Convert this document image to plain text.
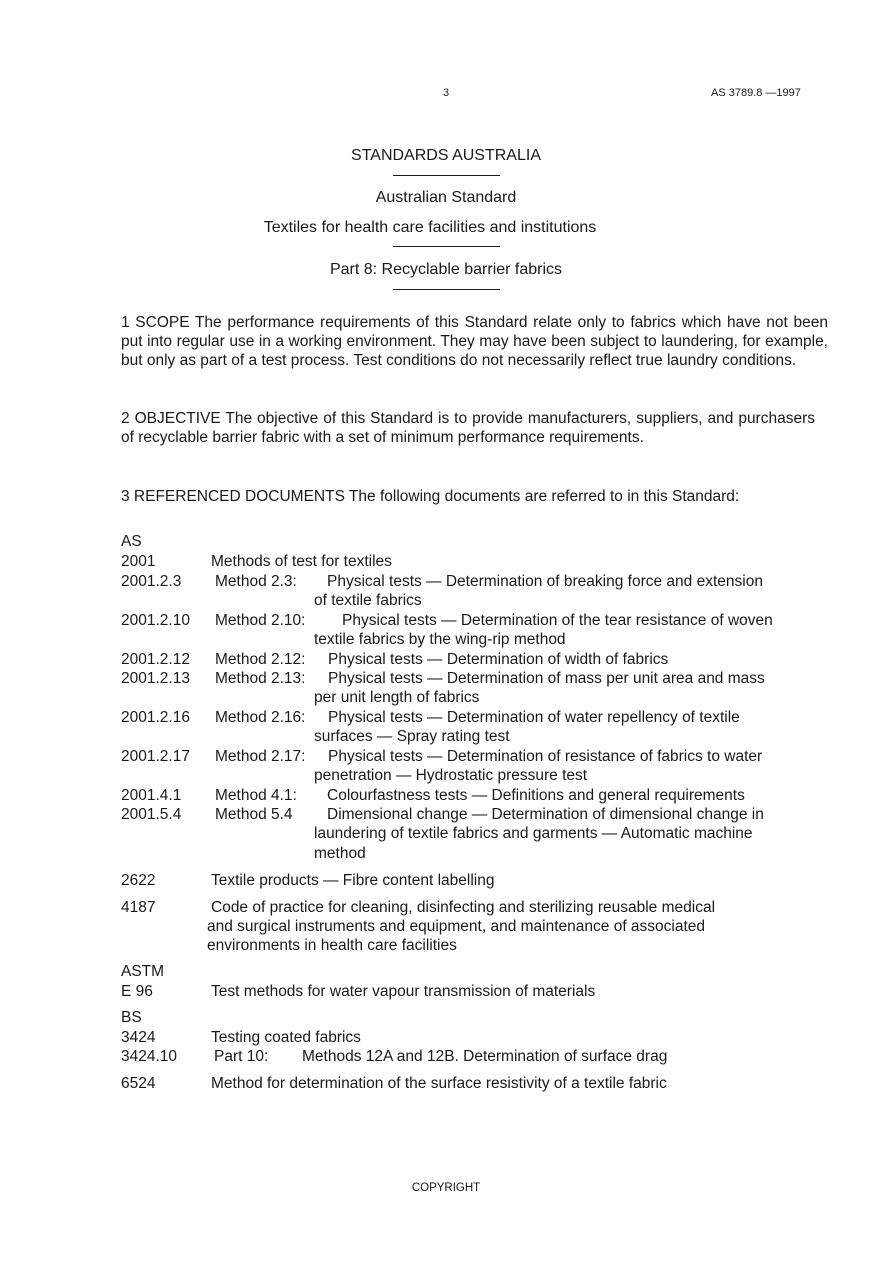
3	AS 3789.8 —1997
STANDARDS AUSTRALIA
Australian Standard
Textiles for health care facilities and institutions
Part 8: Recyclable barrier fabrics
1 SCOPE The performance requirements of this Standard relate only to fabrics which have not been put into regular use in a working environment. They may have been subject to laundering, for example, but only as part of a test process. Test conditions do not necessarily reflect true laundry conditions.
2 OBJECTIVE The objective of this Standard is to provide manufacturers, suppliers, and purchasers of recyclable barrier fabric with a set of minimum performance requirements.
3 REFERENCED DOCUMENTS The following documents are referred to in this Standard:
AS
2001	Methods of test for textiles
2001.2.3 Method 2.3: Physical tests — Determination of breaking force and extension
of textile fabrics
2001.2.10 Method 2.10: Physical tests — Determination of the tear resistance of woven
textile fabrics by the wing-rip method
2001.2.12 Method 2.12: Physical tests — Determination of width of fabrics
2001.2.13 Method 2.13: Physical tests — Determination of mass per unit area and mass
per unit length of fabrics
2001.2.16 Method 2.16: Physical tests — Determination of water repellency of textile
surfaces — Spray rating test
2001.2.17 Method 2.17: Physical tests — Determination of resistance of fabrics to water
penetration — Hydrostatic pressure test
2001.4.1 Method 4.1: Colourfastness tests — Definitions and general requirements
2001.5.4 Method 5.4 Dimensional change — Determination of dimensional change in
laundering of textile fabrics and garments — Automatic machine
method
2622	Textile products — Fibre content labelling
4187	Code of practice for cleaning, disinfecting and sterilizing reusable medical
and surgical instruments and equipment, and maintenance of associated
environments in health care facilities
ASTM
E 96	Test methods for water vapour transmission of materials
BS
3424	Testing coated fabrics
3424.10 Part 10: Methods 12A and 12B. Determination of surface drag
6524	Method for determination of the surface resistivity of a textile fabric
COPYRIGHT
